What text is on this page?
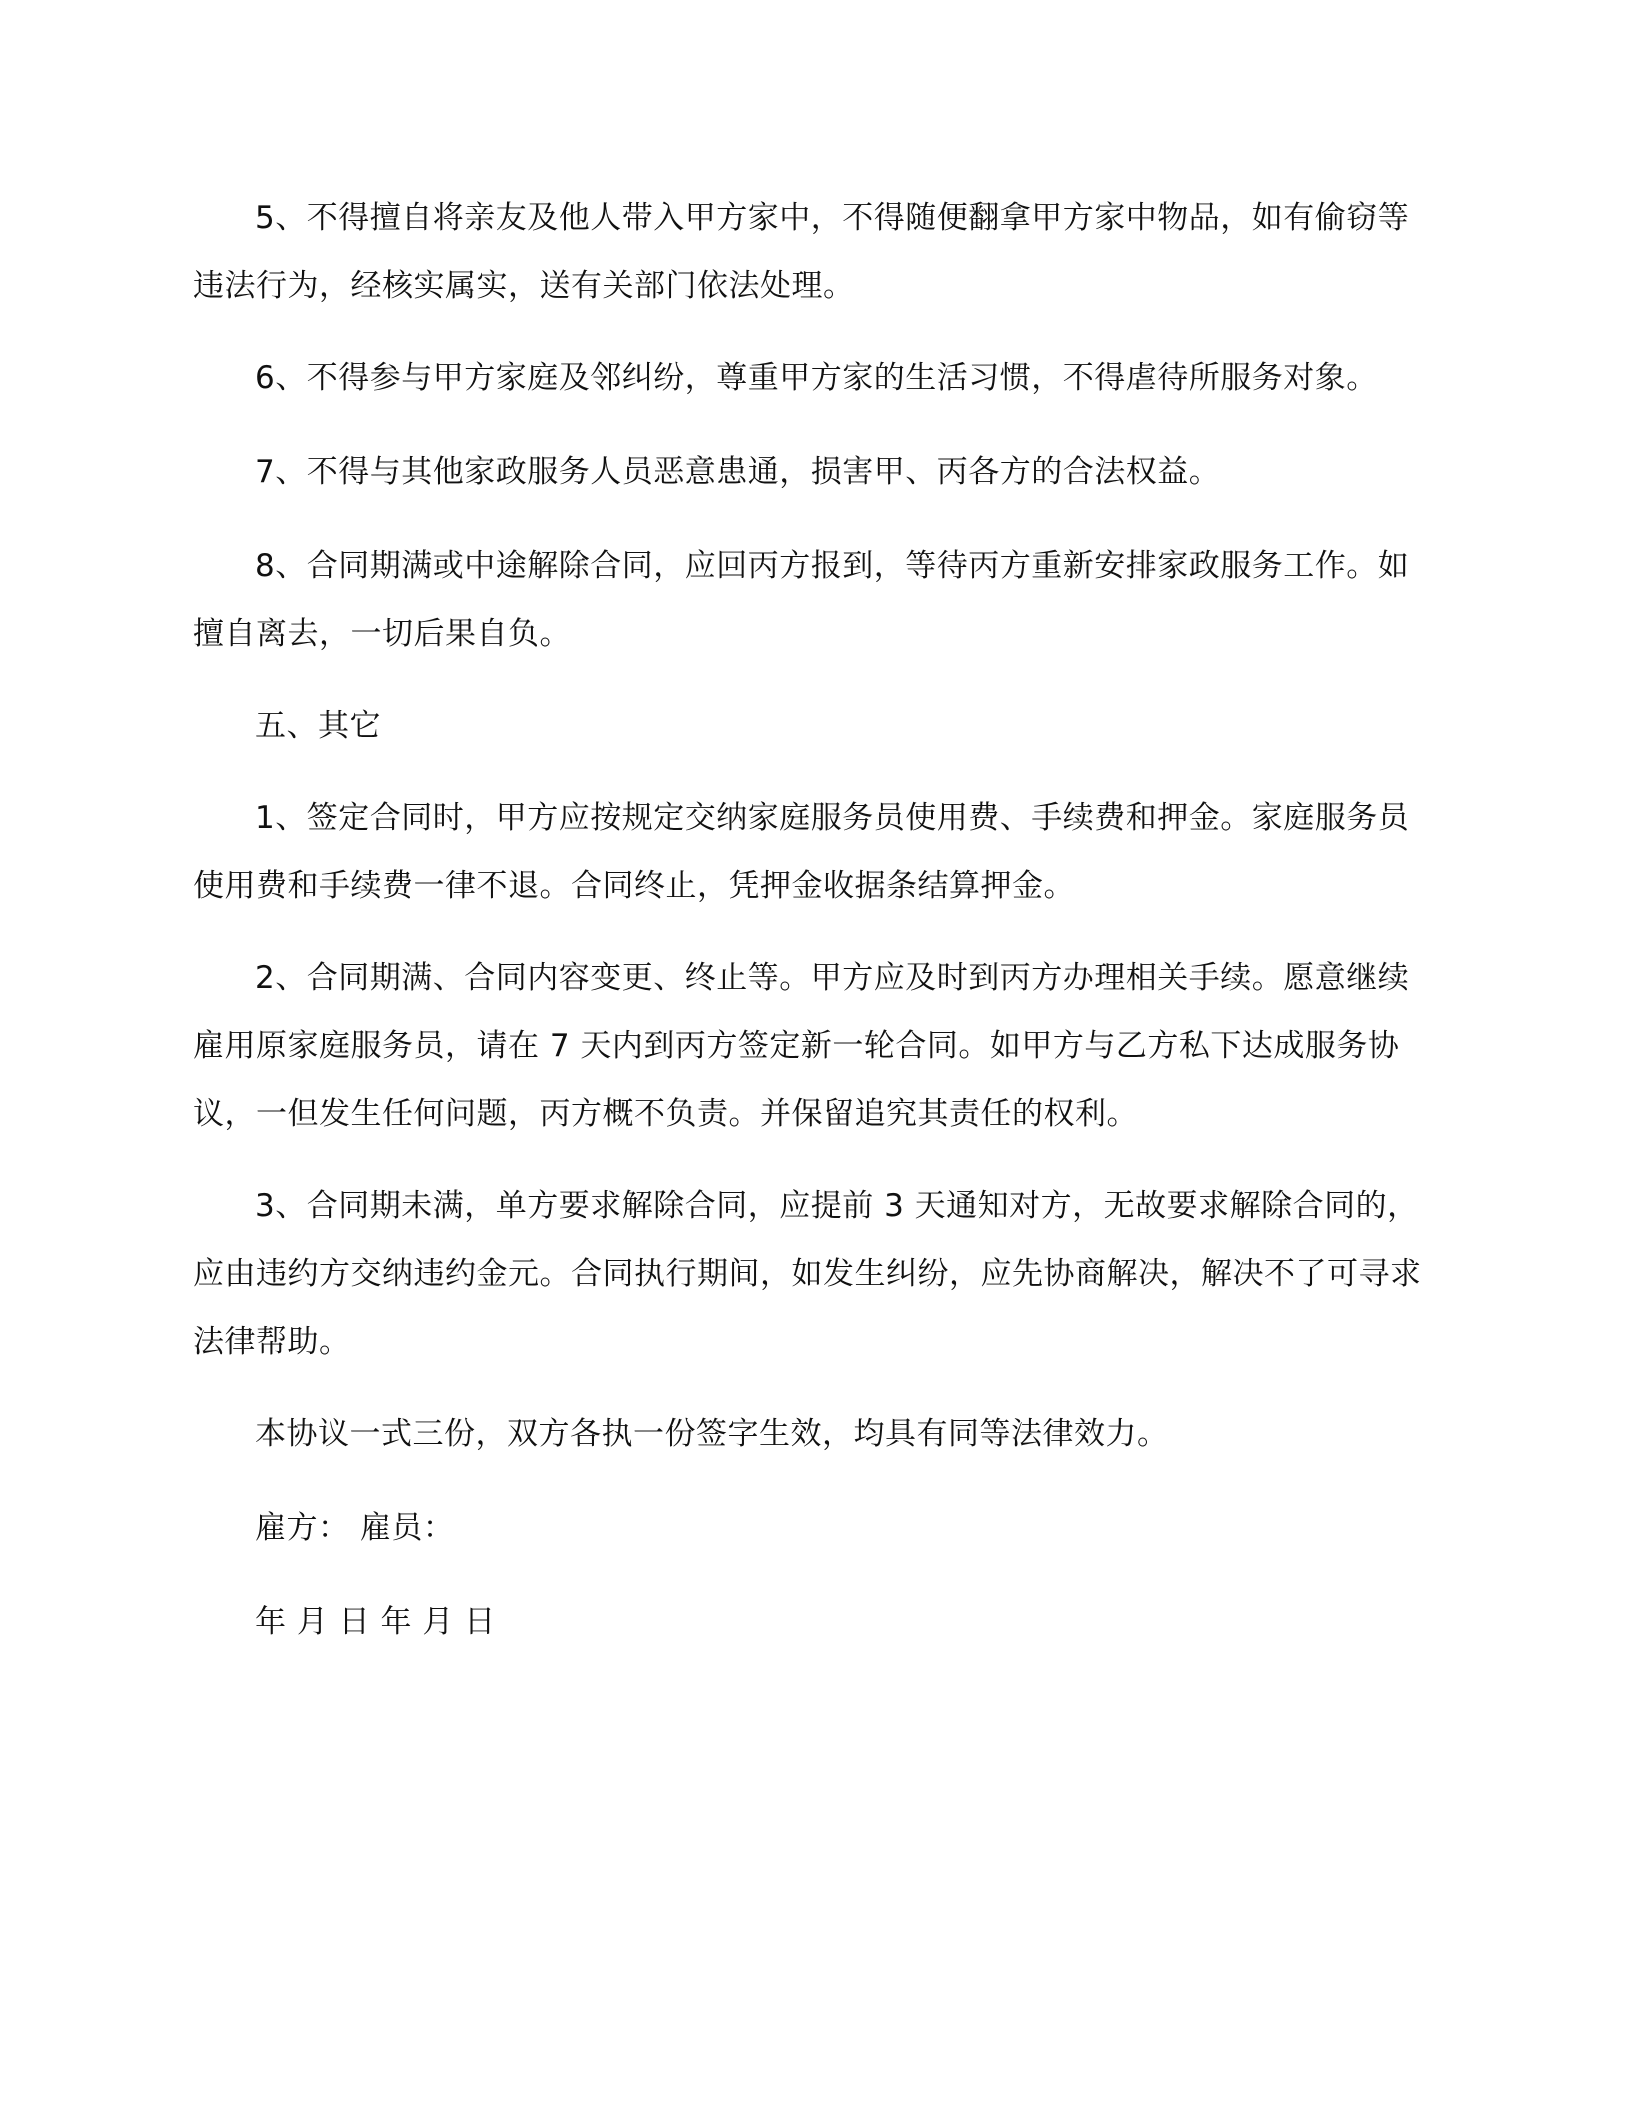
5、不得擅自将亲友及他人带入甲方家中，不得随便翻拿甲方家中物品，如有偷窃等违法行为，经核实属实，送有关部门依法处理。

6、不得参与甲方家庭及邻纠纷，尊重甲方家的生活习惯，不得虐待所服务对象。

7、不得与其他家政服务人员恶意患通，损害甲、丙各方的合法权益。

8、合同期满或中途解除合同，应回丙方报到，等待丙方重新安排家政服务工作。如擅自离去，一切后果自负。

五、其它

1、签定合同时，甲方应按规定交纳家庭服务员使用费、手续费和押金。家庭服务员使用费和手续费一律不退。合同终止，凭押金收据条结算押金。

2、合同期满、合同内容变更、终止等。甲方应及时到丙方办理相关手续。愿意继续雇用原家庭服务员，请在 7 天内到丙方签定新一轮合同。如甲方与乙方私下达成服务协议，一但发生任何问题，丙方概不负责。并保留追究其责任的权利。

3、合同期未满，单方要求解除合同，应提前 3 天通知对方，无故要求解除合同的，应由违约方交纳违约金元。合同执行期间，如发生纠纷，应先协商解决，解决不了可寻求法律帮助。

本协议一式三份，双方各执一份签字生效，均具有同等法律效力。

雇方： 雇员：

年 月 日 年 月 日
